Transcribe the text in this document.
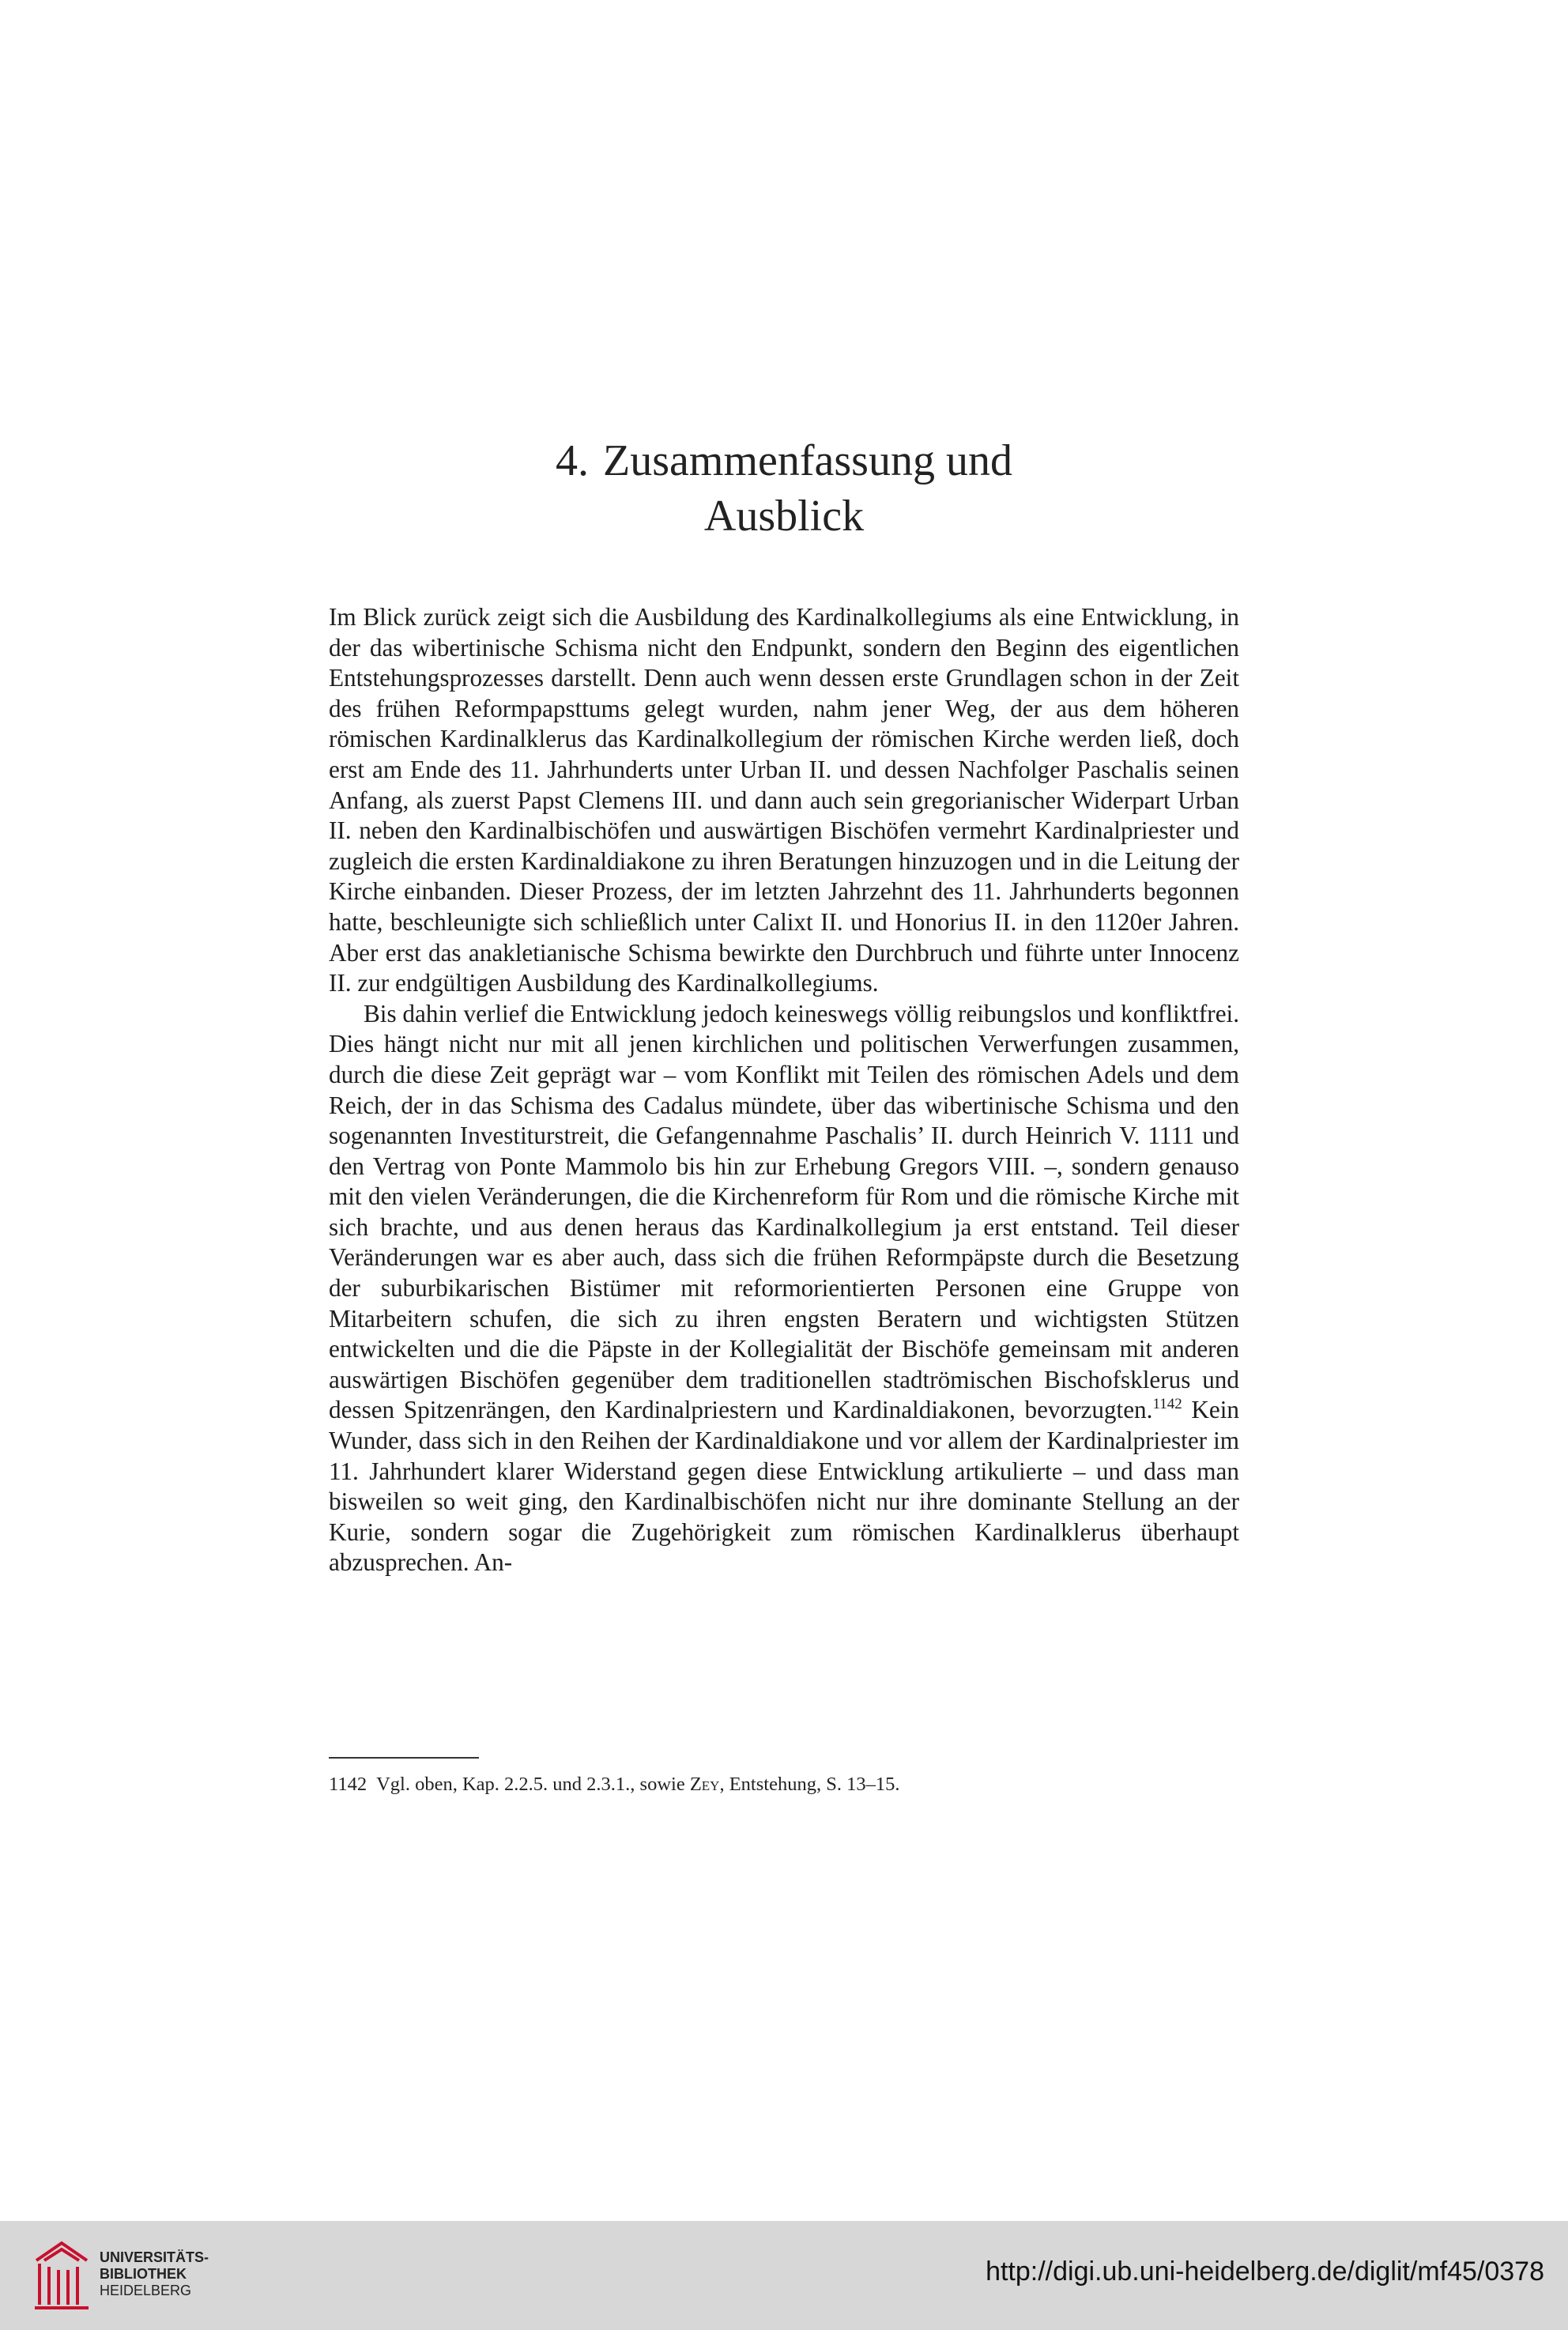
4. Zusammenfassung und
Ausblick

Im Blick zurück zeigt sich die Ausbildung des Kardinalkollegiums als eine Entwicklung, in der das wibertinische Schisma nicht den Endpunkt, sondern den Beginn des eigentlichen Entstehungsprozesses darstellt. Denn auch wenn dessen erste Grundlagen schon in der Zeit des frühen Reformpapsttums gelegt wurden, nahm jener Weg, der aus dem höheren römischen Kardinalklerus das Kardinalkollegium der römischen Kirche werden ließ, doch erst am Ende des 11. Jahrhunderts unter Urban II. und dessen Nachfolger Paschalis seinen Anfang, als zuerst Papst Clemens III. und dann auch sein gregorianischer Widerpart Urban II. neben den Kardinalbischöfen und auswärtigen Bischöfen vermehrt Kardinalpriester und zugleich die ersten Kardinaldiakone zu ihren Beratungen hinzuzogen und in die Leitung der Kirche einbanden. Dieser Prozess, der im letzten Jahrzehnt des 11. Jahrhunderts begonnen hatte, beschleunigte sich schließlich unter Calixt II. und Honorius II. in den 1120er Jahren. Aber erst das anakletianische Schisma bewirkte den Durchbruch und führte unter Innocenz II. zur endgültigen Ausbildung des Kardinalkollegiums.

Bis dahin verlief die Entwicklung jedoch keineswegs völlig reibungslos und konfliktfrei. Dies hängt nicht nur mit all jenen kirchlichen und politischen Verwerfungen zusammen, durch die diese Zeit geprägt war – vom Konflikt mit Teilen des römischen Adels und dem Reich, der in das Schisma des Cadalus mündete, über das wibertinische Schisma und den sogenannten Investiturstreit, die Gefangennahme Paschalis’ II. durch Heinrich V. 1111 und den Vertrag von Ponte Mammolo bis hin zur Erhebung Gregors VIII. –, sondern genauso mit den vielen Veränderungen, die die Kirchenreform für Rom und die römische Kirche mit sich brachte, und aus denen heraus das Kardinalkollegium ja erst entstand. Teil dieser Veränderungen war es aber auch, dass sich die frühen Reformpäpste durch die Besetzung der suburbikarischen Bistümer mit reformorientierten Personen eine Gruppe von Mitarbeitern schufen, die sich zu ihren engsten Beratern und wichtigsten Stützen entwickelten und die die Päpste in der Kollegialität der Bischöfe gemeinsam mit anderen auswärtigen Bischöfen gegenüber dem traditionellen stadtrömischen Bischofsklerus und dessen Spitzenrängen, den Kardinalpriestern und Kardinaldiakonen, bevorzugten.$^{1142}$ Kein Wunder, dass sich in den Reihen der Kardinaldiakone und vor allem der Kardinalpriester im 11. Jahrhundert klarer Widerstand gegen diese Entwicklung artikulierte – und dass man bisweilen so weit ging, den Kardinalbischöfen nicht nur ihre dominante Stellung an der Kurie, sondern sogar die Zugehörigkeit zum römischen Kardinalklerus überhaupt abzusprechen. An-

1142 Vgl. oben, Kap. 2.2.5. und 2.3.1., sowie Zey, Entstehung, S. 13–15.
UNIVERSITÄTS-
BIBLIOTHEK
HEIDELBERG
http://digi.ub.uni-heidelberg.de/diglit/mf45/0378
